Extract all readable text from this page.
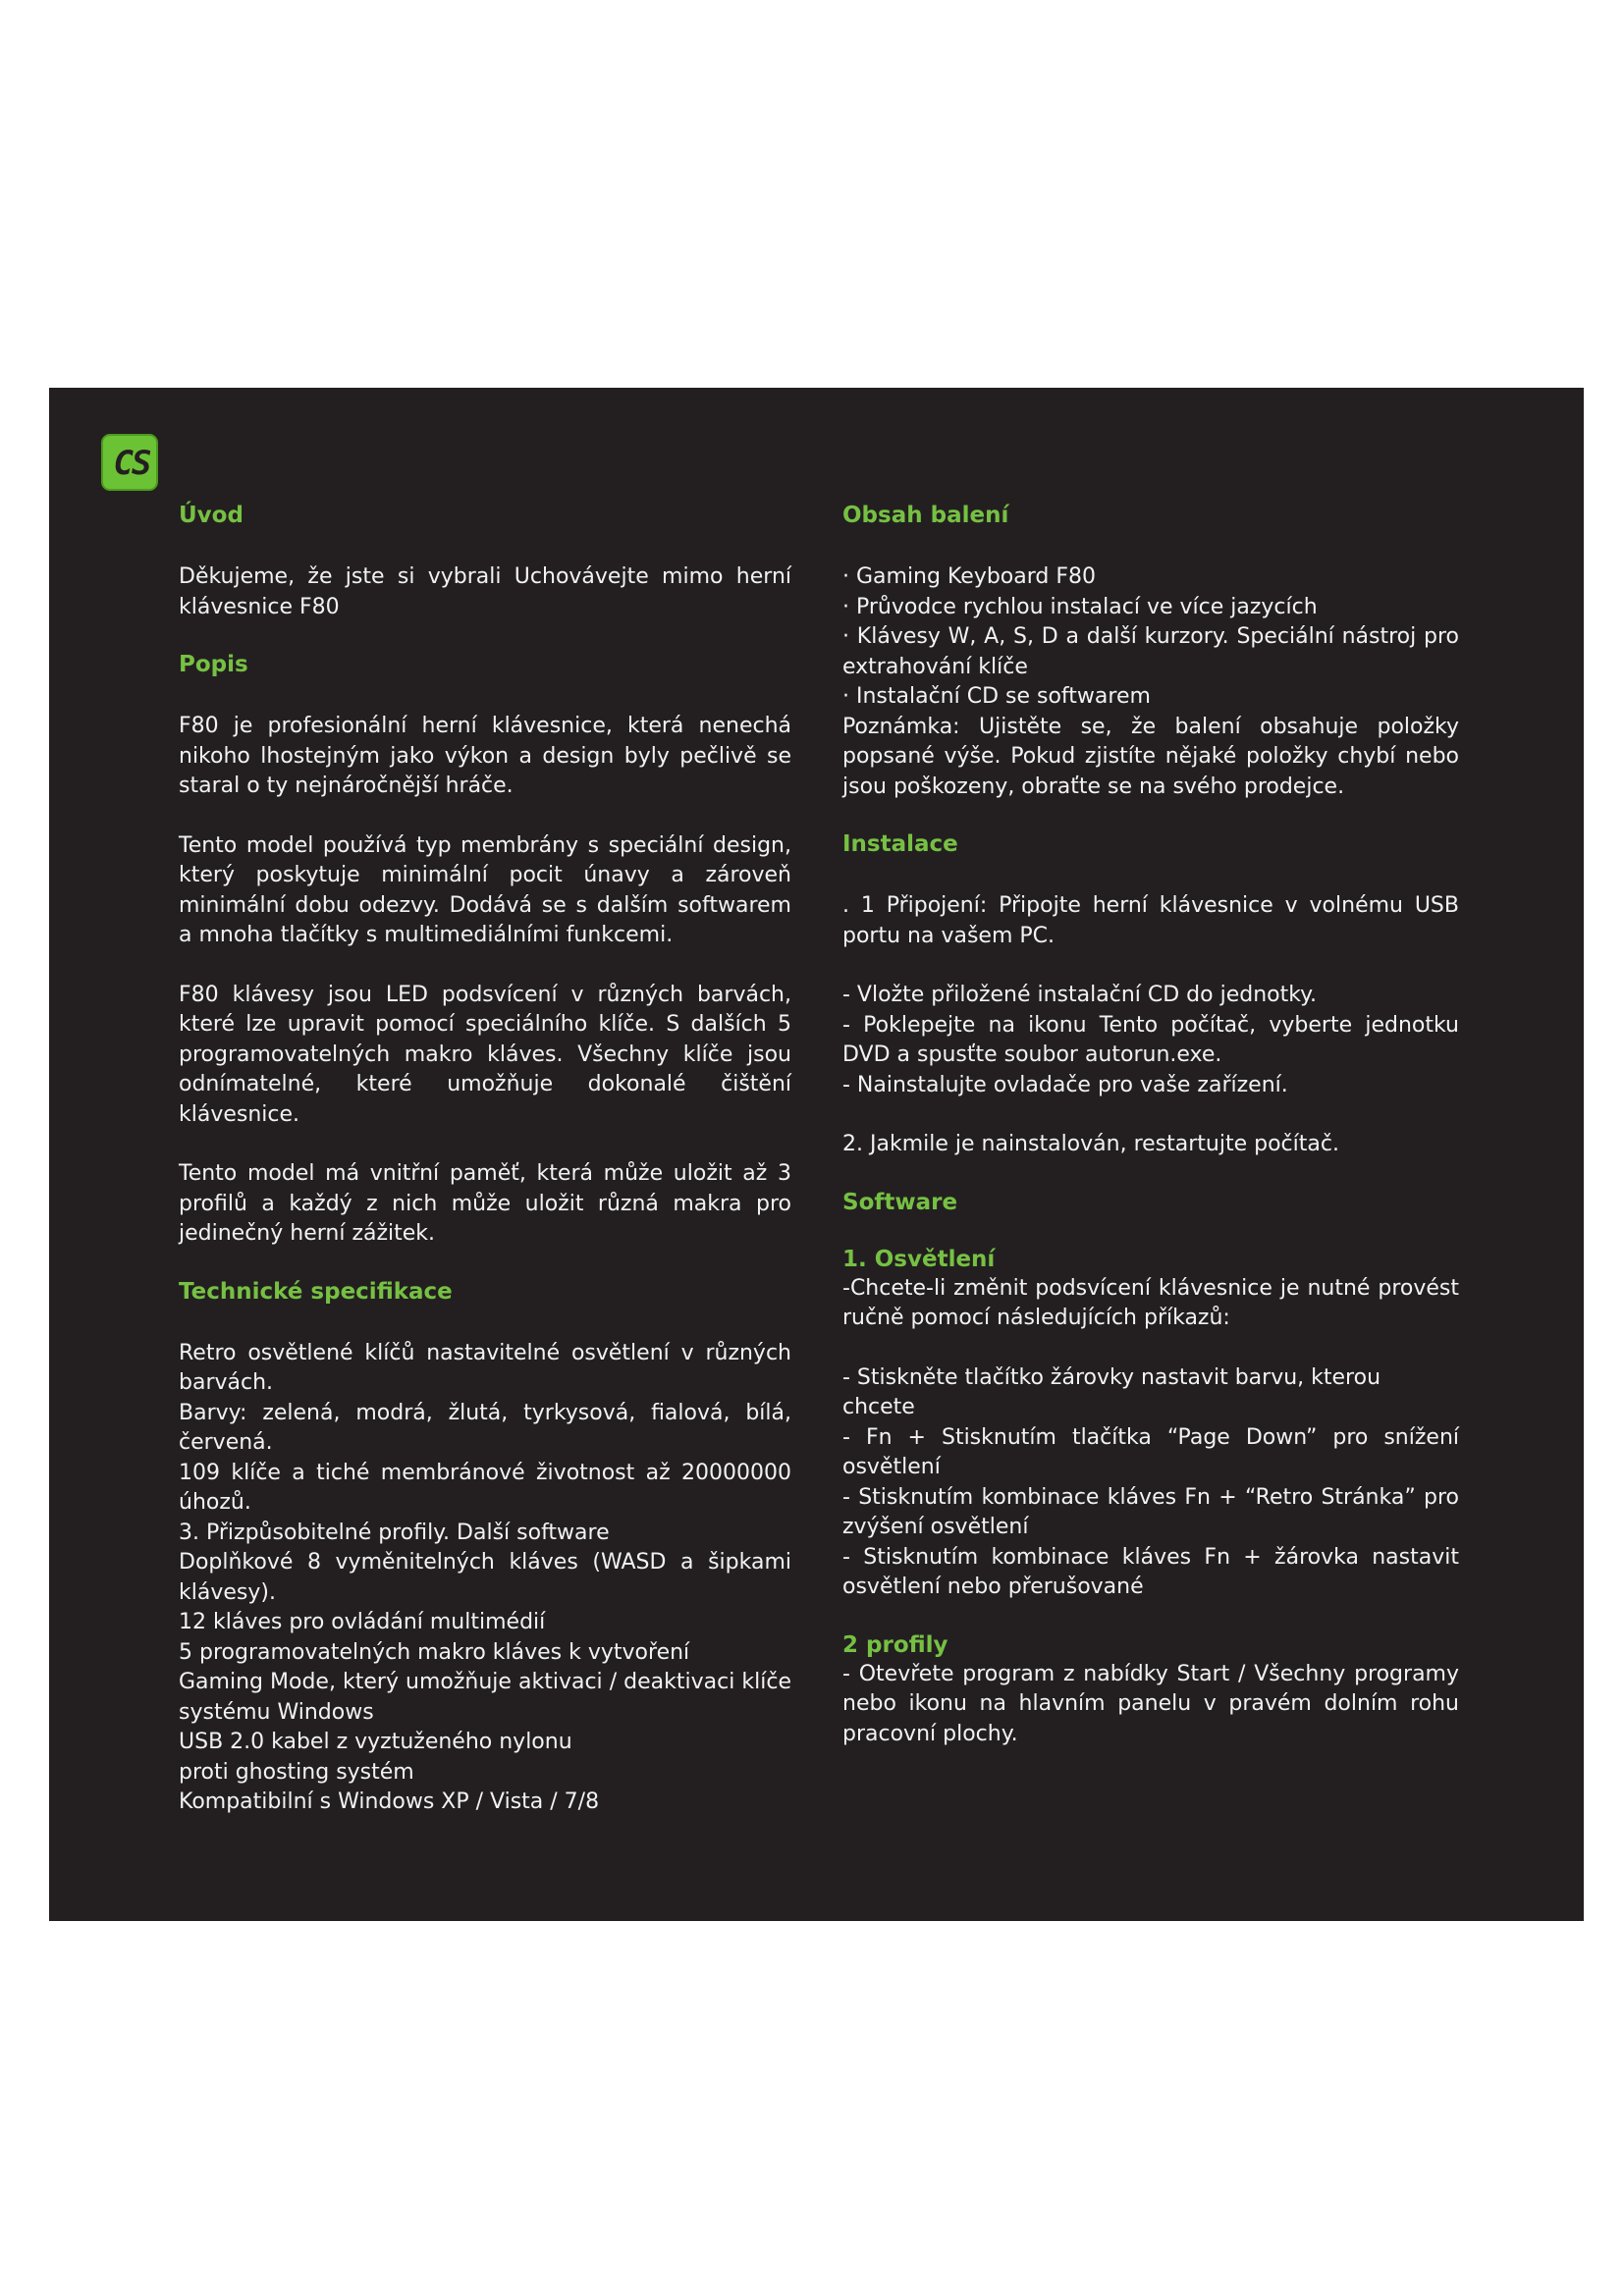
CS
Úvod

Děkujeme, že jste si vybrali Uchovávejte mimo herní klávesnice F80

Popis

F80 je profesionální herní klávesnice, která nenechá nikoho lhostejným jako výkon a design byly pečlivě se staral o ty nejnáročnější hráče.

Tento model používá typ membrány s speciální design, který poskytuje minimální pocit únavy a zároveň minimální dobu odezvy. Dodává se s dalším softwarem a mnoha tlačítky s multimediálními funkcemi.

F80 klávesy jsou LED podsvícení v různých barvách, které lze upravit pomocí speciálního klíče. S dalších 5 programovatelných makro kláves. Všechny klíče jsou odnímatelné, které umožňuje dokonalé čištění klávesnice.

Tento model má vnitřní paměť, která může uložit až 3 profilů a každý z nich může uložit různá makra pro jedinečný herní zážitek.

Technické specifikace

Retro osvětlené klíčů nastavitelné osvětlení v různých barvách.

Barvy: zelená, modrá, žlutá, tyrkysová, fialová, bílá, červená.

109 klíče a tiché membránové životnost až 20000000 úhozů.

3. Přizpůsobitelné profily. Další software

Doplňkové 8 vyměnitelných kláves (WASD a šipkami klávesy).

12 kláves pro ovládání multimédií

5 programovatelných makro kláves k vytvoření

Gaming Mode, který umožňuje aktivaci / deaktivaci klíče systému Windows

USB 2.0 kabel z vyztuženého nylonu

proti ghosting systém

Kompatibilní s Windows XP / Vista / 7/8

Obsah balení

· Gaming Keyboard F80

· Průvodce rychlou instalací ve více jazycích

· Klávesy W, A, S, D a další kurzory. Speciální nástroj pro extrahování klíče

· Instalační CD se softwarem

Poznámka: Ujistěte se, že balení obsahuje položky popsané výše. Pokud zjistíte nějaké položky chybí nebo jsou poškozeny, obraťte se na svého prodejce.

Instalace

. 1 Připojení: Připojte herní klávesnice v volnému USB portu na vašem PC.

- Vložte přiložené instalační CD do jednotky.

- Poklepejte na ikonu Tento počítač, vyberte jednotku DVD a spusťte soubor autorun.exe.

- Nainstalujte ovladače pro vaše zařízení.

2. Jakmile je nainstalován, restartujte počítač.

Software
1. Osvětlení

-Chcete-li změnit podsvícení klávesnice je nutné provést ručně pomocí následujících příkazů:

- Stiskněte tlačítko žárovky nastavit barvu, kterou chcete

- Fn + Stisknutím tlačítka “Page Down” pro snížení osvětlení

- Stisknutím kombinace kláves Fn + “Retro Stránka” pro zvýšení osvětlení

- Stisknutím kombinace kláves Fn + žárovka nastavit osvětlení nebo přerušované

2 profily

- Otevřete program z nabídky Start / Všechny programy nebo ikonu na hlavním panelu v pravém dolním rohu pracovní plochy.
